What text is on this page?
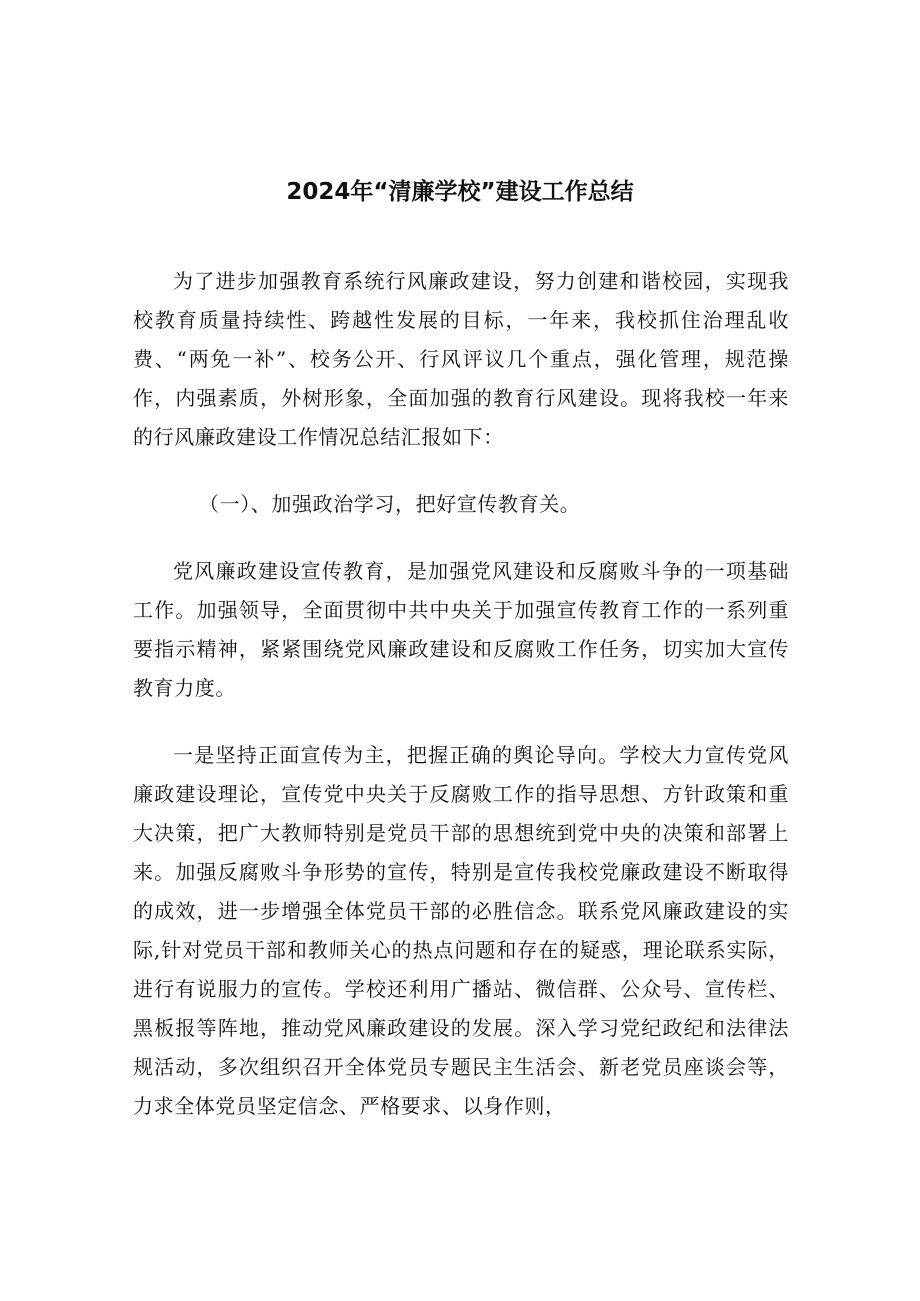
2024年“清廉学校”建设工作总结

为了进步加强教育系统行风廉政建设，努力创建和谐校园，实现我校教育质量持续性、跨越性发展的目标，一年来，我校抓住治理乱收费、“两免一补”、校务公开、行风评议几个重点，强化管理，规范操作，内强素质，外树形象，全面加强的教育行风建设。现将我校一年来的行风廉政建设工作情况总结汇报如下：

（一）、加强政治学习，把好宣传教育关。

党风廉政建设宣传教育，是加强党风建设和反腐败斗争的一项基础工作。加强领导，全面贯彻中共中央关于加强宣传教育工作的一系列重要指示精神，紧紧围绕党风廉政建设和反腐败工作任务，切实加大宣传教育力度。

一是坚持正面宣传为主，把握正确的舆论导向。学校大力宣传党风廉政建设理论，宣传党中央关于反腐败工作的指导思想、方针政策和重大决策，把广大教师特别是党员干部的思想统到党中央的决策和部署上来。加强反腐败斗争形势的宣传，特别是宣传我校党廉政建设不断取得的成效，进一步增强全体党员干部的必胜信念。联系党风廉政建设的实际,针对党员干部和教师关心的热点问题和存在的疑惑，理论联系实际，进行有说服力的宣传。学校还利用广播站、微信群、公众号、宣传栏、黑板报等阵地，推动党风廉政建设的发展。深入学习党纪政纪和法律法规活动，多次组织召开全体党员专题民主生活会、新老党员座谈会等，力求全体党员坚定信念、严格要求、以身作则，
